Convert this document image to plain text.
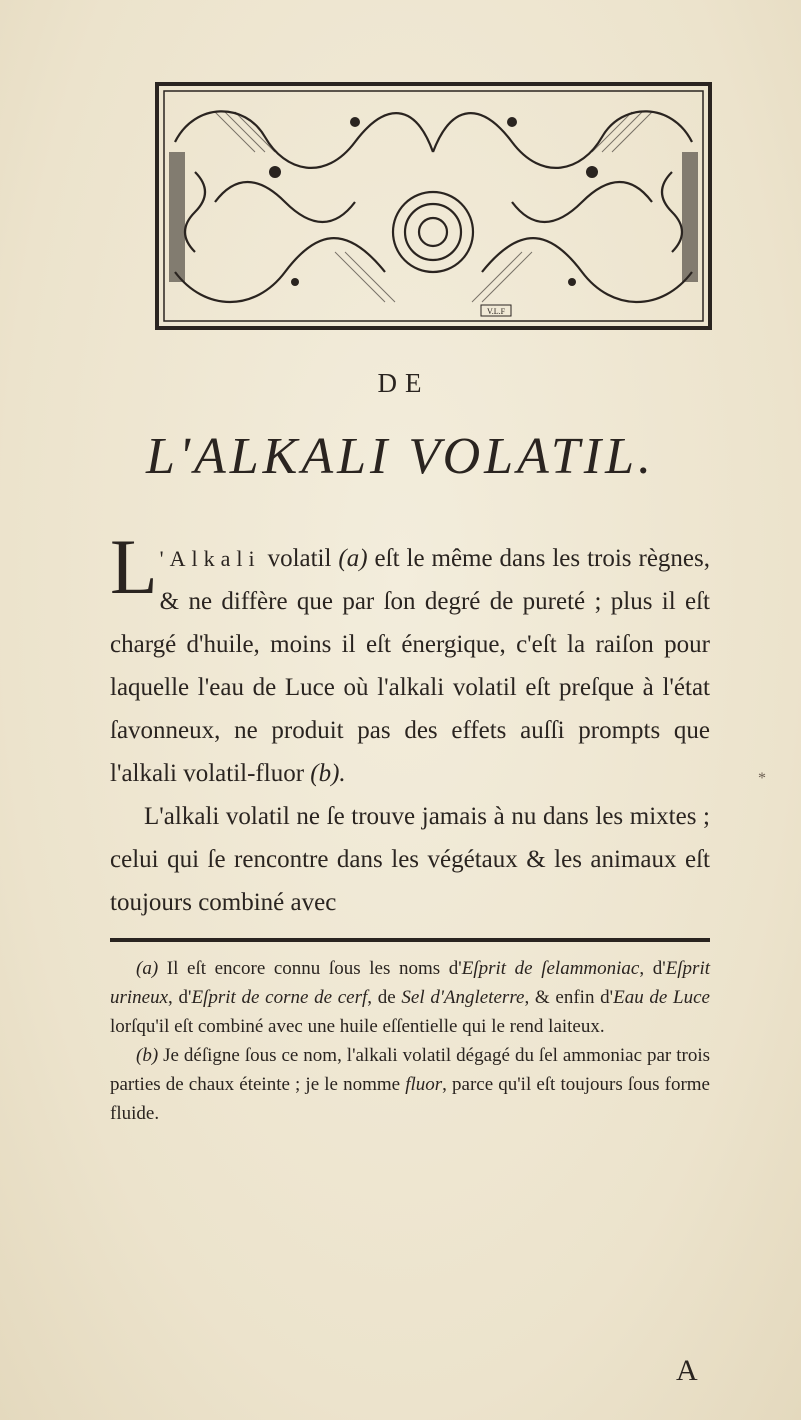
V.L.F
DE
L'ALKALI VOLATIL.

L 'Alkali volatil (a) eſt le même dans les trois règnes, & ne diffère que par ſon degré de pureté ; plus il eſt chargé d'huile, moins il eſt énergique, c'eſt la raiſon pour laquelle l'eau de Luce où l'alkali volatil eſt preſque à l'état ſavonneux, ne produit pas des effets auſſi prompts que l'alkali volatil-fluor (b).

L'alkali volatil ne ſe trouve jamais à nu dans les mixtes ; celui qui ſe rencontre dans les végétaux & les animaux eſt toujours combiné avec

*

(a) Il eſt encore connu ſous les noms d'Eſprit de ſelammoniac, d'Eſprit urineux, d'Eſprit de corne de cerf, de Sel d'Angleterre, & enfin d'Eau de Luce lorſqu'il eſt combiné avec une huile eſſentielle qui le rend laiteux.

(b) Je déſigne ſous ce nom, l'alkali volatil dégagé du ſel ammoniac par trois parties de chaux éteinte ; je le nomme fluor, parce qu'il eſt toujours ſous forme fluide.

A
